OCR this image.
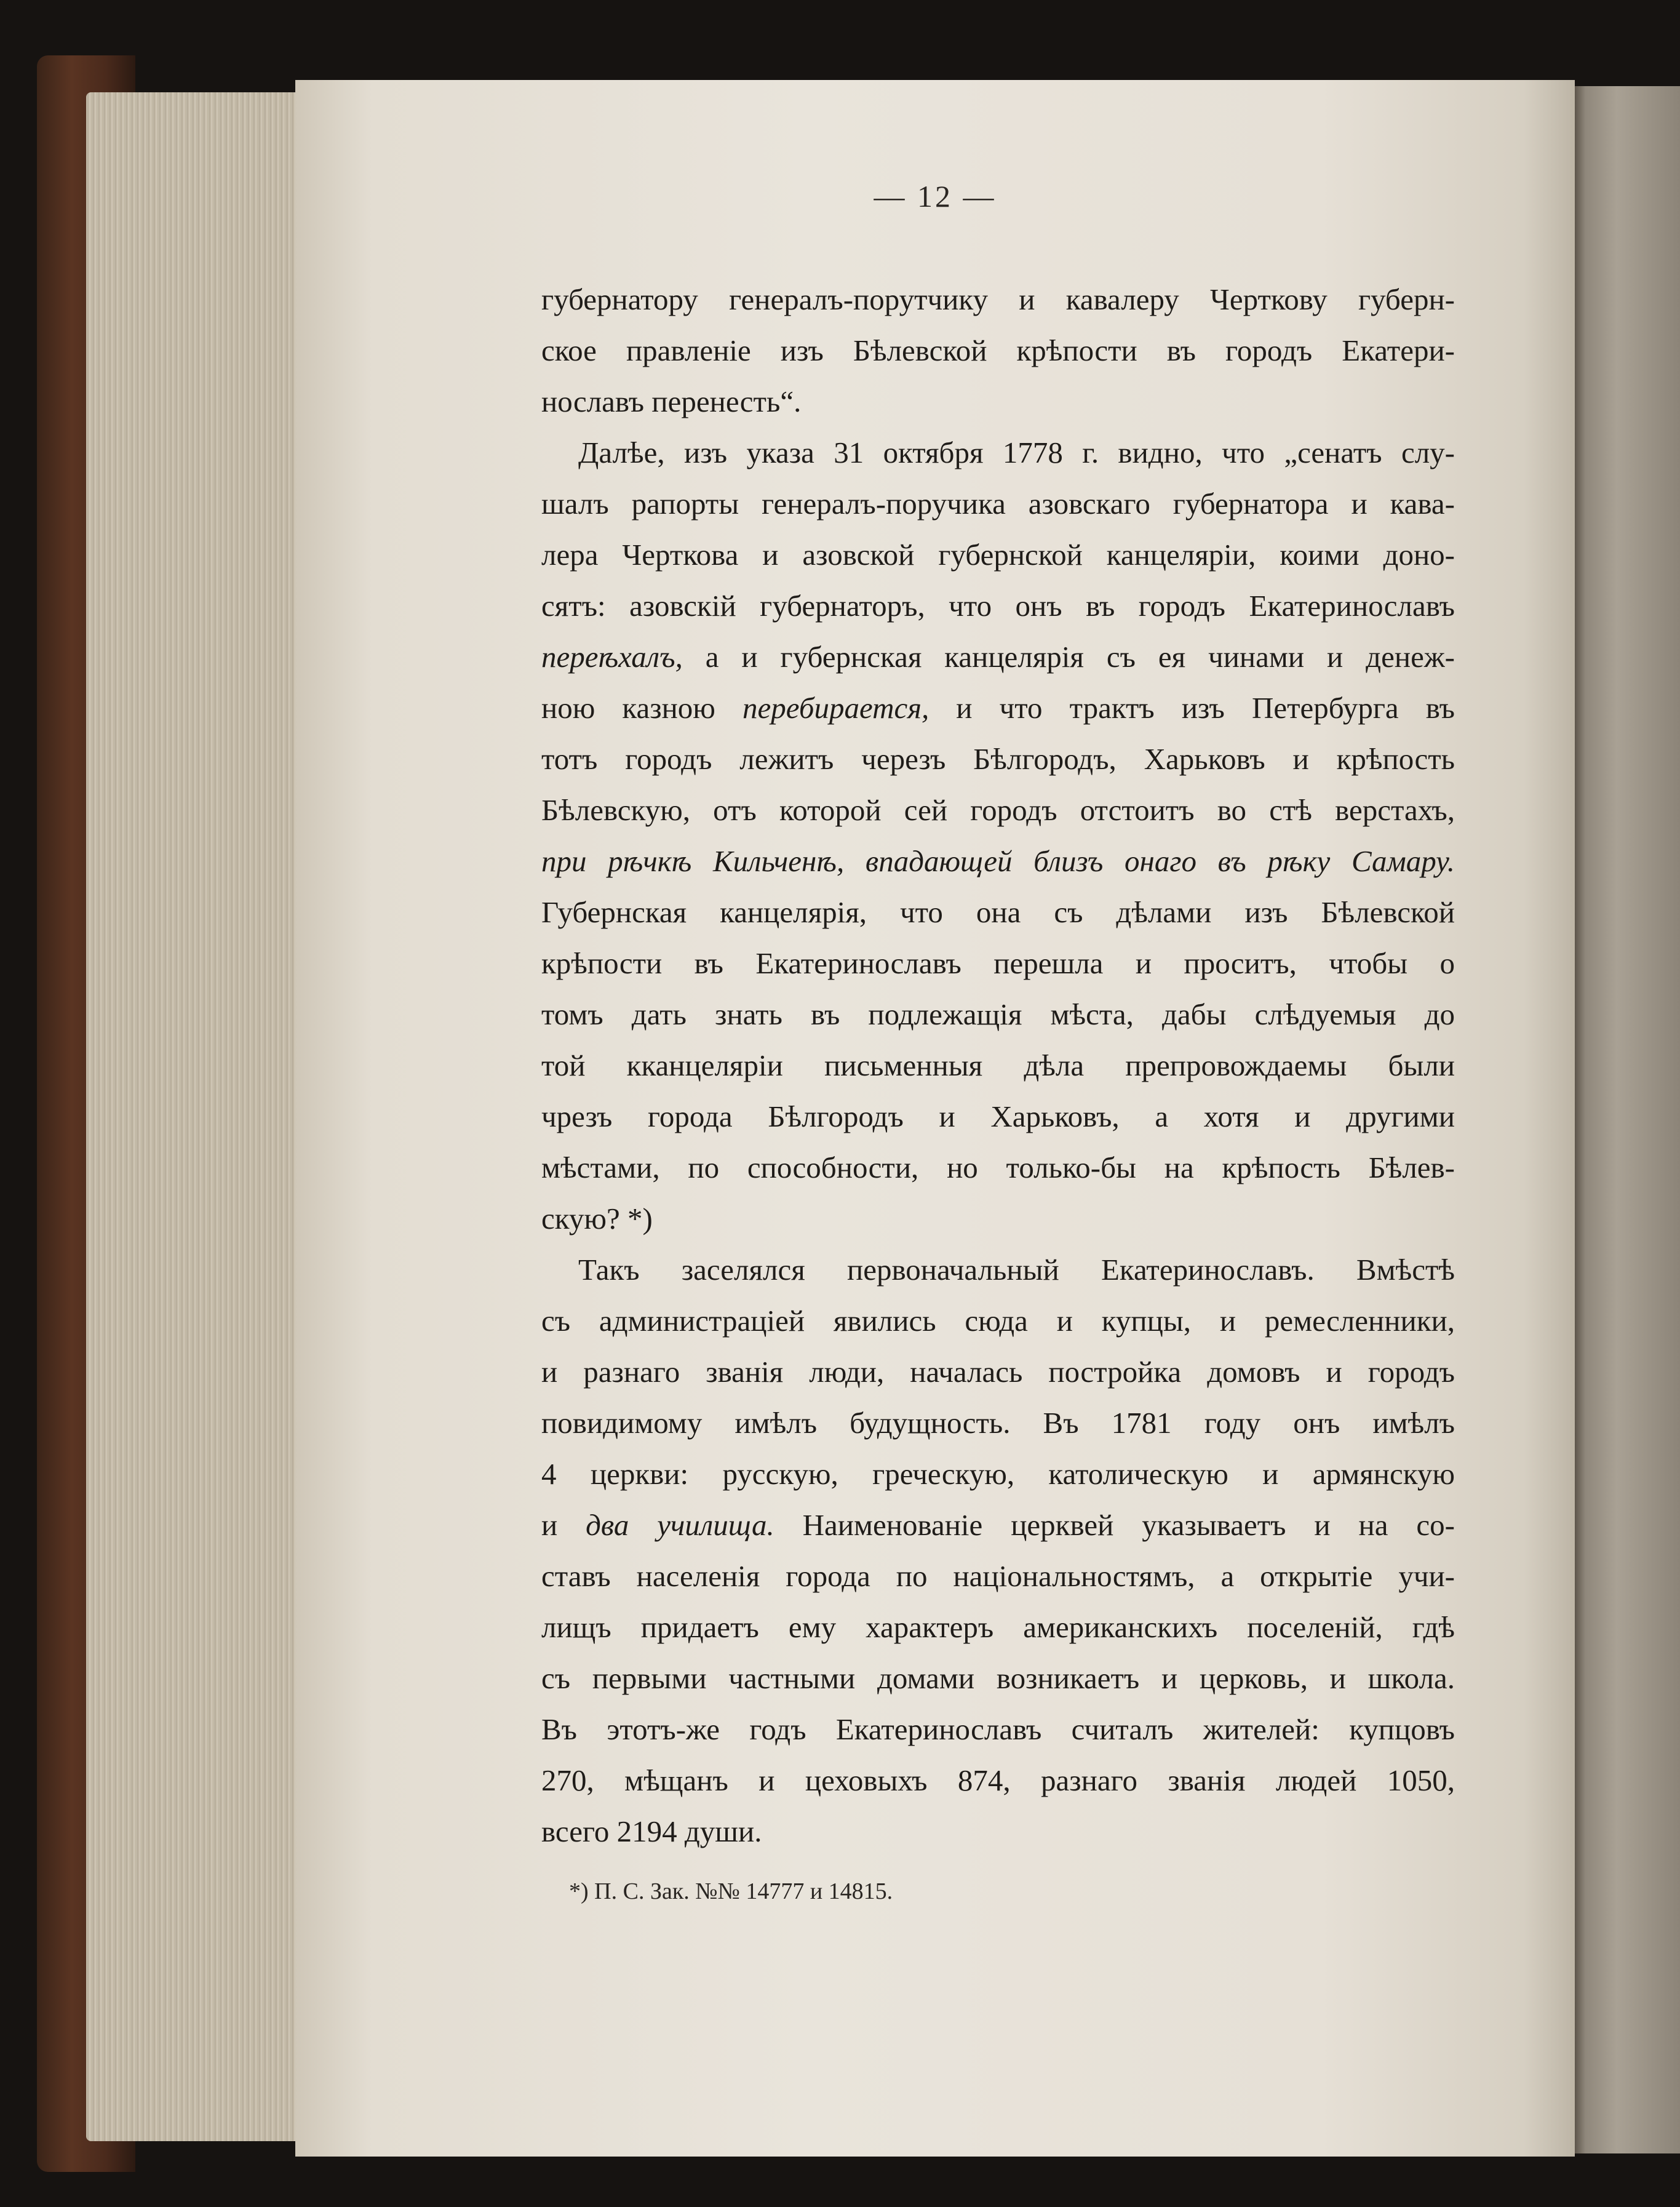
— 12 —

губернатору генералъ-порутчику и кавалеру Черткову губерн-
ское правленіе изъ Бѣлевской крѣпости въ городъ Екатери-
нославъ перенесть“.

Далѣе, изъ указа 31 октября 1778 г. видно, что „сенатъ слу-
шалъ рапорты генералъ-поручика азовскаго губернатора и кава-
лера Черткова и азовской губернской канцеляріи, коими доно-
сятъ: азовскій губернаторъ, что онъ въ городъ Екатеринославъ
переѣхалъ, а и губернская канцелярія съ ея чинами и денеж-
ною казною перебирается, и что трактъ изъ Петербурга въ
тотъ городъ лежитъ черезъ Бѣлгородъ, Харьковъ и крѣпость
Бѣлевскую, отъ которой сей городъ отстоитъ во стѣ верстахъ,
при рѣчкѣ Кильченѣ, впадающей близъ онаго въ рѣку Самару.
Губернская канцелярія, что она съ дѣлами изъ Бѣлевской
крѣпости въ Екатеринославъ перешла и проситъ, чтобы о
томъ дать знать въ подлежащія мѣста, дабы слѣдуемыя до
той кканцеляріи письменныя дѣла препровождаемы были
чрезъ города Бѣлгородъ и Харьковъ, а хотя и другими
мѣстами, по способности, но только-бы на крѣпость Бѣлев-
скую? *)

Такъ заселялся первоначальный Екатеринославъ. Вмѣстѣ
съ администраціей явились сюда и купцы, и ремесленники,
и разнаго званія люди, началась постройка домовъ и городъ
повидимому имѣлъ будущность. Въ 1781 году онъ имѣлъ
4 церкви: русскую, греческую, католическую и армянскую
и два училища. Наименованіе церквей указываетъ и на со-
ставъ населенія города по національностямъ, а открытіе учи-
лищъ придаетъ ему характеръ американскихъ поселеній, гдѣ
съ первыми частными домами возникаетъ и церковь, и школа.
Въ этотъ-же годъ Екатеринославъ считалъ жителей: купцовъ
270, мѣщанъ и цеховыхъ 874, разнаго званія людей 1050,
всего 2194 души.

*) П. С. Зак. №№ 14777 и 14815.
